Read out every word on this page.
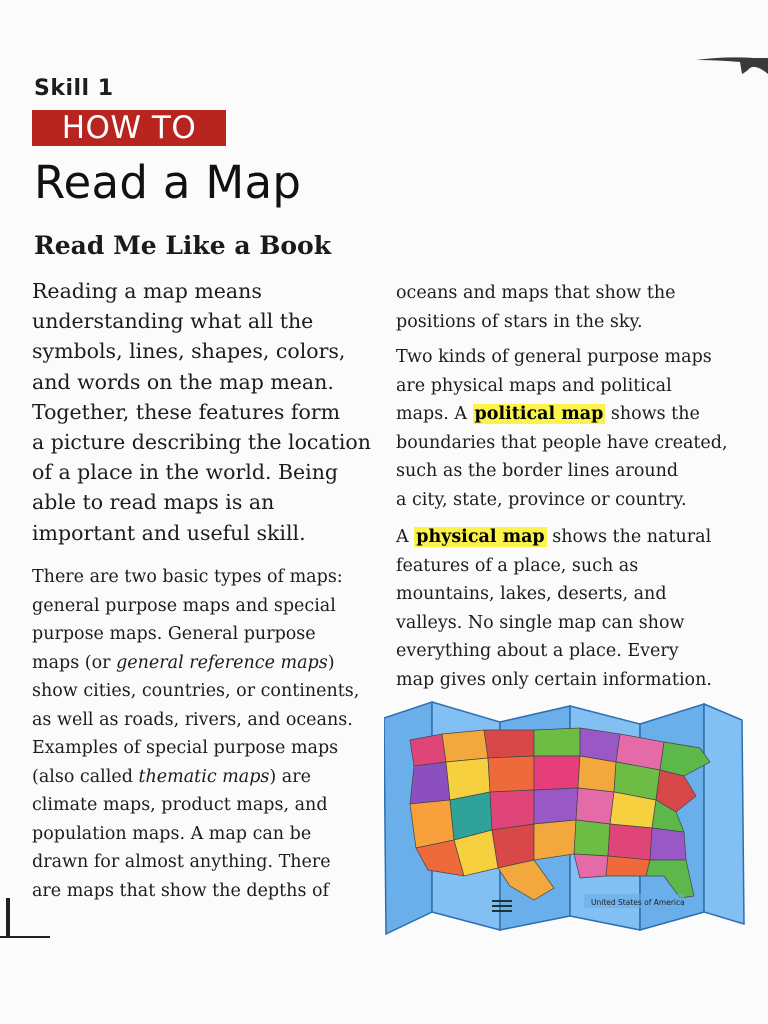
Skill 1
HOW TO
Read a Map
Read Me Like a Book
Reading a map means
understanding what all the
symbols, lines, shapes, colors,
and words on the map mean.
Together, these features form
a picture describing the location
of a place in the world. Being
able to read maps is an
important and useful skill.
There are two basic types of maps:
general purpose maps and special
purpose maps. General purpose
maps (or general reference maps)
show cities, countries, or continents,
as well as roads, rivers, and oceans.
Examples of special purpose maps
(also called thematic maps) are
climate maps, product maps, and
population maps. A map can be
drawn for almost anything. There
are maps that show the depths of
oceans and maps that show the
positions of stars in the sky.
Two kinds of general purpose maps
are physical maps and political
maps. A political map shows the
boundaries that people have created,
such as the border lines around
a city, state, province or country.
A physical map shows the natural
features of a place, such as
mountains, lakes, deserts, and
valleys. No single map can show
everything about a place. Every
map gives only certain information.
United States of America
